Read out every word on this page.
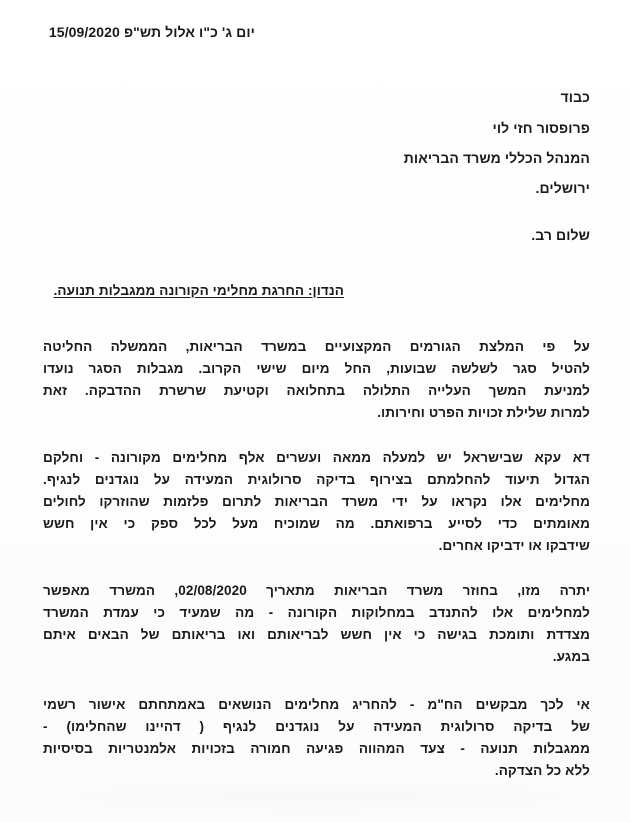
יום ג' כ"ו אלול תש"פ 15/09/2020
כבוד
פרופסור חזי לוי
המנהל הכללי משרד הבריאות
ירושלים.
שלום רב.
הנדון: החרגת מחלימי הקורונה ממגבלות תנועה.
על פי המלצת הגורמים המקצועיים במשרד הבריאות, הממשלה החליטה
להטיל סגר לשלשה שבועות, החל מיום שישי הקרוב. מגבלות הסגר נועדו
למניעת המשך העלייה התלולה בתחלואה וקטיעת שרשרת ההדבקה. זאת
למרות שלילת זכויות הפרט וחירותו.
דא עקא שבישראל יש למעלה ממאה ועשרים אלף מחלימים מקורונה - וחלקם
הגדול תיעוד להחלמתם בצירוף בדיקה סרולוגית המעידה על נוגדנים לנגיף.
מחלימים אלו נקראו על ידי משרד הבריאות לתרום פלזמות שהוזרקו לחולים
מאומתים כדי לסייע ברפואתם. מה שמוכיח מעל לכל ספק כי אין חשש
שידבקו או ידביקו אחרים.
יתרה מזו, בחוזר משרד הבריאות מתאריך 02/08/2020, המשרד מאפשר
למחלימים אלו להתנדב במחלוקות הקורונה - מה שמעיד כי עמדת המשרד
מצדדת ותומכת בגישה כי אין חשש לבריאותם ואו בריאותם של הבאים איתם
במגע.
אי לכך מבקשים הח"מ - להחריג מחלימים הנושאים באמתחתם אישור רשמי
של בדיקה סרולוגית המעידה על נוגדנים לנגיף ( דהיינו שהחלימו) -
ממגבלות תנועה - צעד המהווה פגיעה חמורה בזכויות אלמנטריות בסיסיות
ללא כל הצדקה.
